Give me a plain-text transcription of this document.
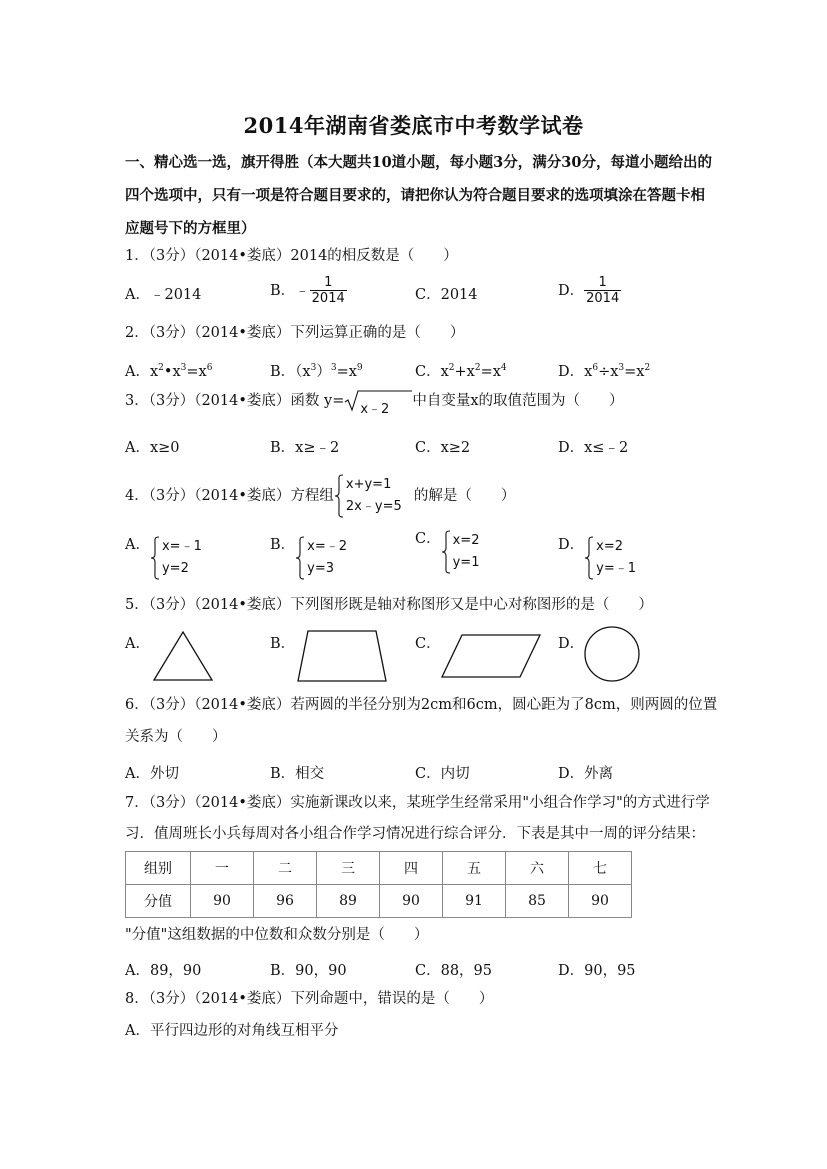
2014年湖南省娄底市中考数学试卷
一、精心选一选，旗开得胜（本大题共10道小题，每小题3分，满分30分，每道小题给出的四个选项中，只有一项是符合题目要求的，请把你认为符合题目要求的选项填涂在答题卡相应题号下的方框里）
1．（3分）（2014•娄底）2014的相反数是（　　）
A．﹣2014	B．﹣ $\frac{1}{2014}$	C．2014	D． $\frac{1}{2014}$
2．（3分）（2014•娄底）下列运算正确的是（　　）
A．$x^2•x^3=x^6$	B．$(x^3)^3=x^9$	C．$x^2+x^2=x^4$	D．$x^6\div x^3=x^2$
3．（3分）（2014•娄底）函数 y=
x﹣2
中自变量x的取值范围为（　　）
A．x≥0	B．x≥﹣2	C．x≥2	D．x≤﹣2
4．（3分）（2014•娄底）方程组
x+y=1
2x﹣y=5
的解是（　　）
A． x=﹣1
y=2
B． x=﹣2
y=3
C． x=2
y=1
D． x=2
y=﹣1
5．（3分）（2014•娄底）下列图形既是轴对称图形又是中心对称图形的是（　　）
A．	B．	C．	D．
6．（3分）（2014•娄底）若两圆的半径分别为2cm和6cm，圆心距为了8cm，则两圆的位置
关系为（　　）
A．外切	B．相交	C．内切	D．外离
7．（3分）（2014•娄底）实施新课改以来，某班学生经常采用"小组合作学习"的方式进行学
习．值周班长小兵每周对各小组合作学习情况进行综合评分．下表是其中一周的评分结果：
组别	一	二	三	四	五	六	七
分值	90	96	89	90	91	85	90
"分值"这组数据的中位数和众数分别是（　　）
A．89，90	B．90，90	C．88，95	D．90，95
8．（3分）（2014•娄底）下列命题中，错误的是（　　）
A．平行四边形的对角线互相平分
